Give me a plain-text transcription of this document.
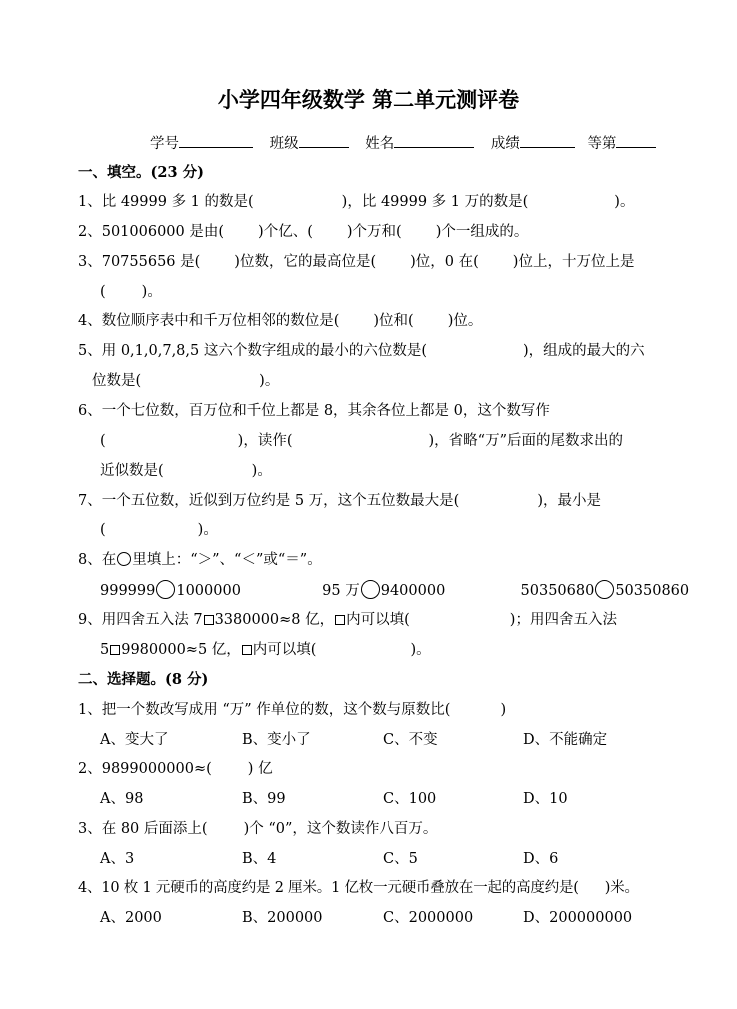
小学四年级数学 第二单元测评卷
学号	班级	姓名	成绩	等第
一、填空。(23 分)
1、比 49999 多 1 的数是(	)，比 49999 多 1 万的数是(	)。
2、501006000 是由( )个亿、( )个万和( )个一组成的。
3、70755656 是( )位数，它的最高位是( )位，0 在( )位上，十万位上是
( )。
4、数位顺序表中和千万位相邻的数位是( )位和( )位。
5、用 0,1,0,7,8,5 这六个数字组成的最小的六位数是(	)，组成的最大的六
位数是(	)。
6、一个七位数，百万位和千位上都是 8，其余各位上都是 0，这个数写作
(	)，读作(	)，省略“万”后面的尾数求出的
近似数是(	)。
7、一个五位数，近似到万位约是 5 万，这个五位数最大是(	)，最小是
(	)。
8、在 里填上：“＞”、“＜”或“＝”。
999999 1000000	95 万 9400000	50350680 50350860
9、用四舍五入法 7 3380000≈8 亿， 内可以填(	)；用四舍五入法
5 9980000≈5 亿， 内可以填(	)。
二、选择题。(8 分)
1、把一个数改写成用 “万” 作单位的数，这个数与原数比(	)
A、变大了	B、变小了	C、不变	D、不能确定
2、9899000000≈( ) 亿
A、98	B、99	C、100	D、10
3、在 80 后面添上( )个 “0”，这个数读作八百万。
A、3	B、4	C、5	D、6
4、10 枚 1 元硬币的高度约是 2 厘米。1 亿枚一元硬币叠放在一起的高度约是( )米。
A、2000	B、200000	C、2000000	D、200000000
